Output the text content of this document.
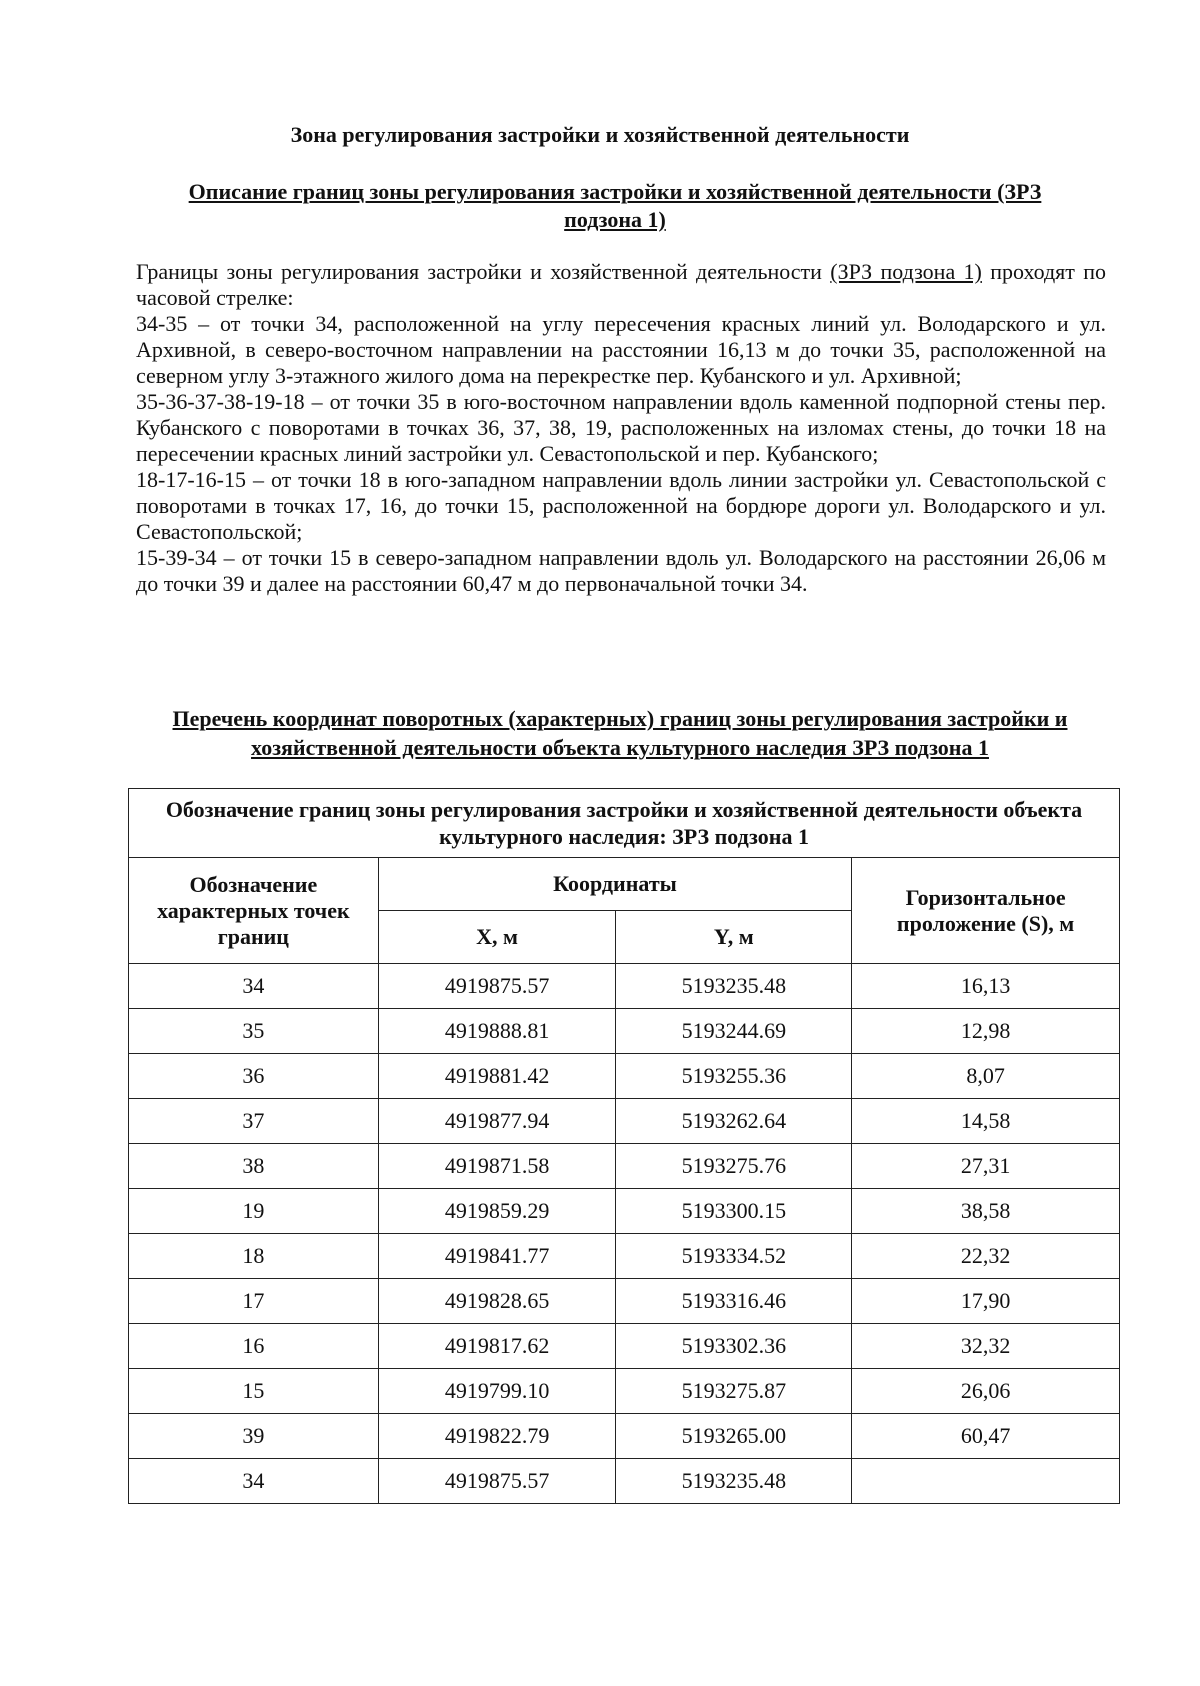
Зона регулирования застройки и хозяйственной деятельности
Описание границ зоны регулирования застройки и хозяйственной деятельности (ЗРЗ подзона 1)

Границы зоны регулирования застройки и хозяйственной деятельности (ЗРЗ подзона 1) проходят по часовой стрелке:

34-35 – от точки 34, расположенной на углу пересечения красных линий ул. Володарского и ул. Архивной, в северо-восточном направлении на расстоянии 16,13 м до точки 35, расположенной на северном углу 3-этажного жилого дома на перекрестке пер. Кубанского и ул. Архивной;

35-36-37-38-19-18 – от точки 35 в юго-восточном направлении вдоль каменной подпорной стены пер. Кубанского с поворотами в точках 36, 37, 38, 19, расположенных на изломах стены, до точки 18 на пересечении красных линий застройки ул. Севастопольской и пер. Кубанского;

18-17-16-15 – от точки 18 в юго-западном направлении вдоль линии застройки ул. Севастопольской с поворотами в точках 17, 16, до точки 15, расположенной на бордюре дороги ул. Володарского и ул. Севастопольской;

15-39-34 – от точки 15 в северо-западном направлении вдоль ул. Володарского на расстоянии 26,06 м до точки 39 и далее на расстоянии 60,47 м до первоначальной точки 34.

Перечень координат поворотных (характерных) границ зоны регулирования застройки и хозяйственной деятельности объекта культурного наследия ЗРЗ подзона 1
Обозначение границ зоны регулирования застройки и хозяйственной деятельности объекта культурного наследия: ЗРЗ подзона 1			
Обозначение характерных точек границ	Координаты		Горизонтальное проложение (S), м
	X, м	Y, м	
34	4919875.57	5193235.48	16,13
35	4919888.81	5193244.69	12,98
36	4919881.42	5193255.36	8,07
37	4919877.94	5193262.64	14,58
38	4919871.58	5193275.76	27,31
19	4919859.29	5193300.15	38,58
18	4919841.77	5193334.52	22,32
17	4919828.65	5193316.46	17,90
16	4919817.62	5193302.36	32,32
15	4919799.10	5193275.87	26,06
39	4919822.79	5193265.00	60,47
34	4919875.57	5193235.48	
